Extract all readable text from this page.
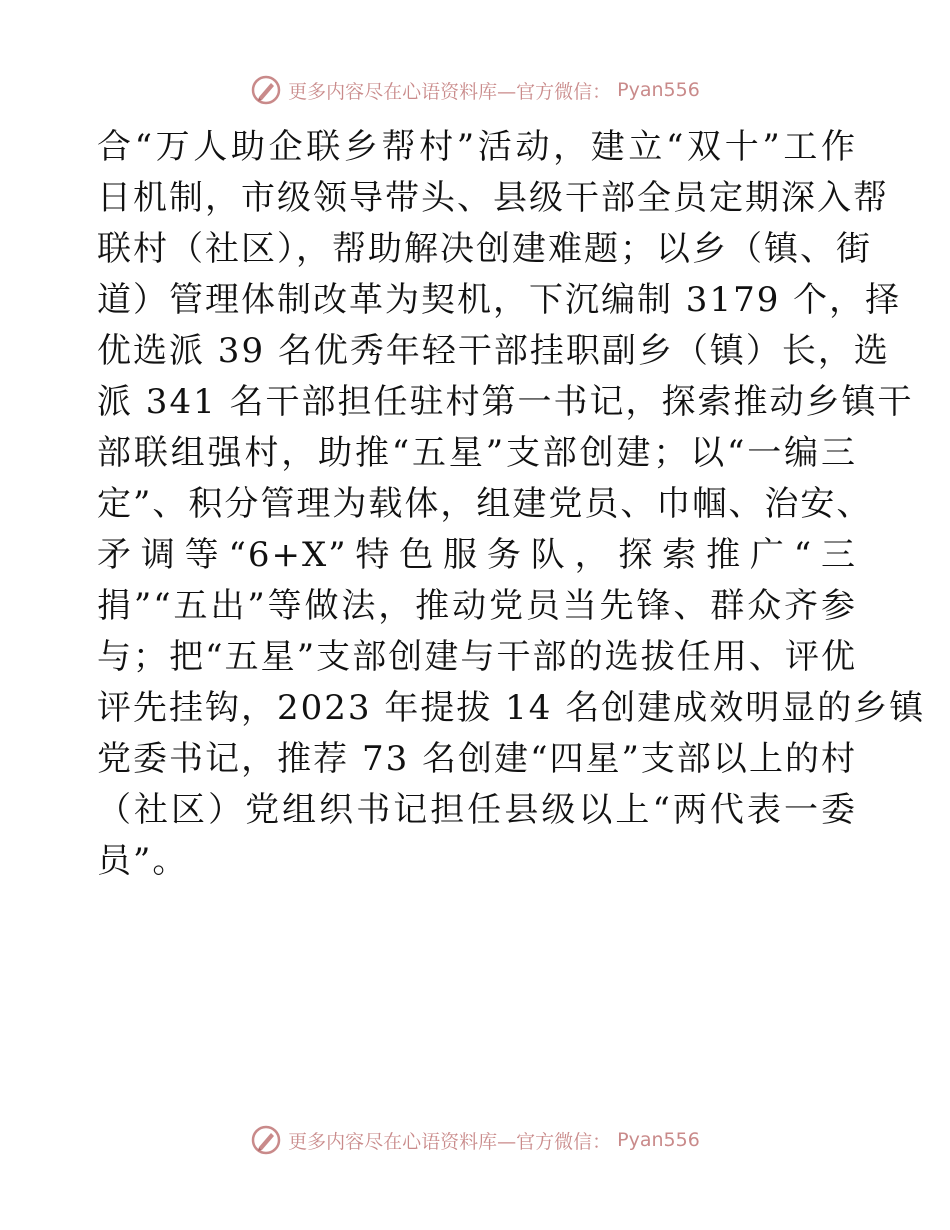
更多内容尽在心语资料库—官方微信： Pyan556
合“万人助企联乡帮村”活动，建立“双十”工作
日机制，市级领导带头、县级干部全员定期深入帮
联村（社区），帮助解决创建难题；以乡（镇、街
道）管理体制改革为契机，下沉编制 3179 个，择
优选派 39 名优秀年轻干部挂职副乡（镇）长，选
派 341 名干部担任驻村第一书记，探索推动乡镇干
部联组强村，助推“五星”支部创建；以“一编三
定”、积分管理为载体，组建党员、巾帼、治安、
矛调等“6+X”特色服务队，探索推广“三
捐”“五出”等做法，推动党员当先锋、群众齐参
与；把“五星”支部创建与干部的选拔任用、评优
评先挂钩，2023 年提拔 14 名创建成效明显的乡镇
党委书记，推荐 73 名创建“四星”支部以上的村
（社区）党组织书记担任县级以上“两代表一委
员”。
更多内容尽在心语资料库—官方微信： Pyan556
